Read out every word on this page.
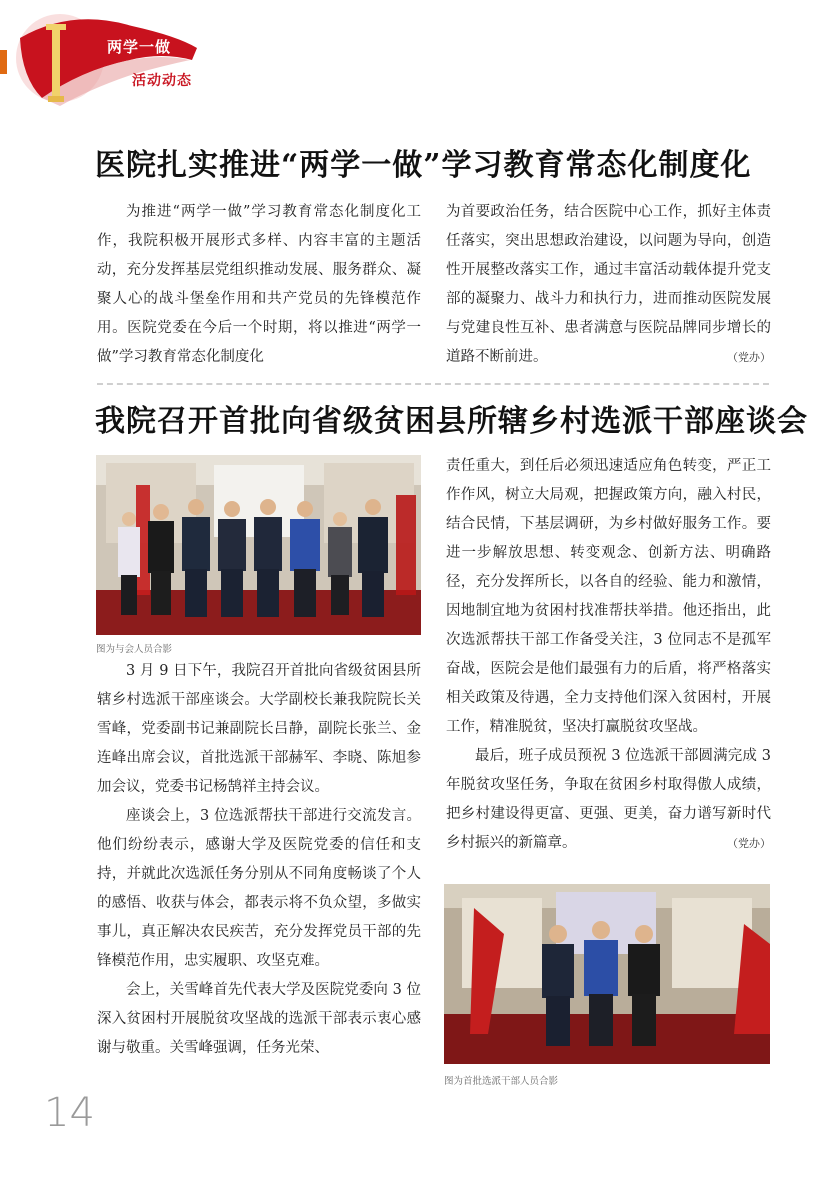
两学一做
活动动态
医院扎实推进“两学一做”学习教育常态化制度化

为推进“两学一做”学习教育常态化制度化工作，我院积极开展形式多样、内容丰富的主题活动，充分发挥基层党组织推动发展、服务群众、凝聚人心的战斗堡垒作用和共产党员的先锋模范作用。医院党委在今后一个时期，将以推进“两学一做”学习教育常态化制度化

为首要政治任务，结合医院中心工作，抓好主体责任落实，突出思想政治建设，以问题为导向，创造性开展整改落实工作，通过丰富活动载体提升党支部的凝聚力、战斗力和执行力，进而推动医院发展与党建良性互补、患者满意与医院品牌同步增长的道路不断前进。	（党办）

我院召开首批向省级贫困县所辖乡村选派干部座谈会
图为与会人员合影

3 月 9 日下午，我院召开首批向省级贫困县所辖乡村选派干部座谈会。大学副校长兼我院院长关雪峰，党委副书记兼副院长吕静，副院长张兰、金连峰出席会议，首批选派干部赫军、李晓、陈旭参加会议，党委书记杨鹄祥主持会议。

座谈会上，3 位选派帮扶干部进行交流发言。他们纷纷表示，感谢大学及医院党委的信任和支持，并就此次选派任务分别从不同角度畅谈了个人的感悟、收获与体会，都表示将不负众望，多做实事儿，真正解决农民疾苦，充分发挥党员干部的先锋模范作用，忠实履职、攻坚克难。

会上，关雪峰首先代表大学及医院党委向 3 位深入贫困村开展脱贫攻坚战的选派干部表示衷心感谢与敬重。关雪峰强调，任务光荣、

责任重大，到任后必须迅速适应角色转变，严正工作作风，树立大局观，把握政策方向，融入村民，结合民情，下基层调研，为乡村做好服务工作。要进一步解放思想、转变观念、创新方法、明确路径，充分发挥所长，以各自的经验、能力和激情，因地制宜地为贫困村找准帮扶举措。他还指出，此次选派帮扶干部工作备受关注，3 位同志不是孤军奋战，医院会是他们最强有力的后盾，将严格落实相关政策及待遇，全力支持他们深入贫困村，开展工作，精准脱贫，坚决打赢脱贫攻坚战。

最后，班子成员预祝 3 位选派干部圆满完成 3 年脱贫攻坚任务，争取在贫困乡村取得傲人成绩，把乡村建设得更富、更强、更美，奋力谱写新时代乡村振兴的新篇章。	（党办）

图为首批选派干部人员合影
14
